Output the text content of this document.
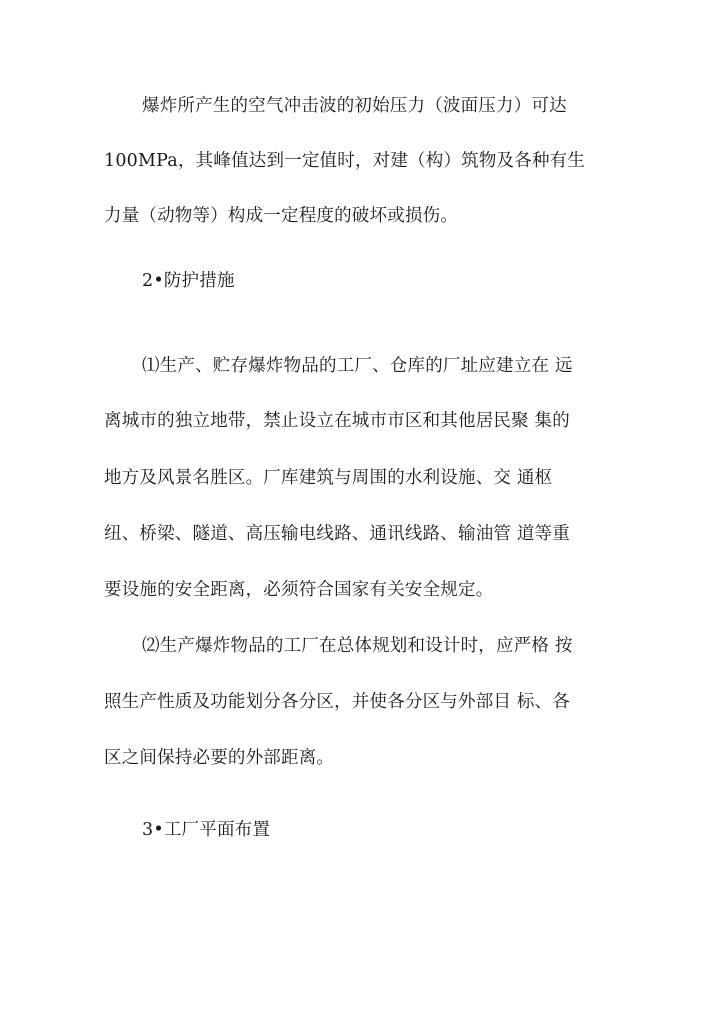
爆炸所产生的空气冲击波的初始压力（波面压力）可达
100MPa，其峰值达到一定值时，对建（构）筑物及各种有生
力量（动物等）构成一定程度的破坏或损伤。
2•防护措施
⑴生产、贮存爆炸物品的工厂、仓库的厂址应建立在 远
离城市的独立地带，禁止设立在城市市区和其他居民聚 集的
地方及风景名胜区。厂库建筑与周围的水利设施、交 通枢
纽、桥梁、隧道、高压输电线路、通讯线路、输油管 道等重
要设施的安全距离，必须符合国家有关安全规定。
⑵生产爆炸物品的工厂在总体规划和设计时，应严格 按
照生产性质及功能划分各分区，并使各分区与外部目 标、各
区之间保持必要的外部距离。
3•工厂平面布置
